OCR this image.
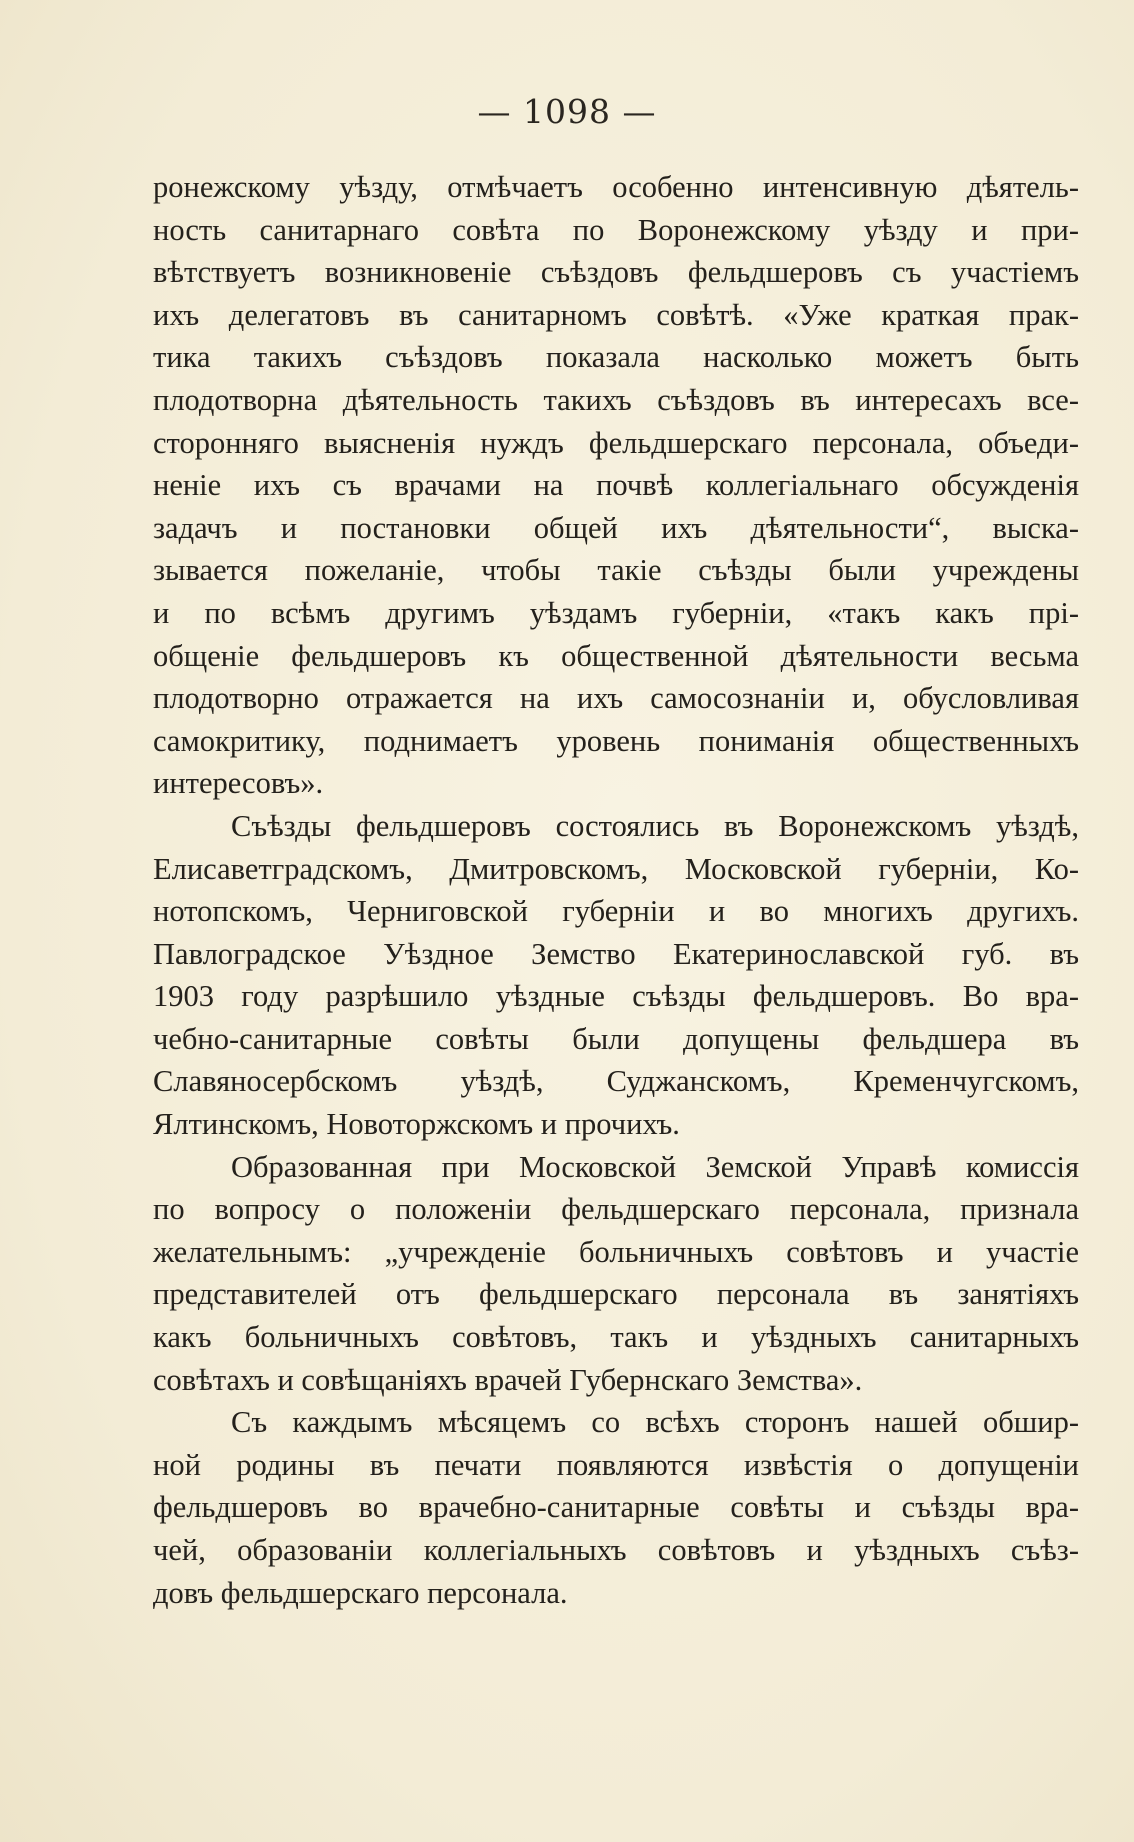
— 1098 —
ронежскому уѣзду, отмѣчаетъ особенно интенсивную дѣятель-
ность санитарнаго совѣта по Воронежскому уѣзду и при-
вѣтствуетъ возникновеніе съѣздовъ фельдшеровъ съ участіемъ
ихъ делегатовъ въ санитарномъ совѣтѣ. «Уже краткая прак-
тика такихъ съѣздовъ показала насколько можетъ быть
плодотворна дѣятельность такихъ съѣздовъ въ интересахъ все-
сторонняго выясненія нуждъ фельдшерскаго персонала, объеди-
неніе ихъ съ врачами на почвѣ коллегіальнаго обсужденія
задачъ и постановки общей ихъ дѣятельности“, выска-
зывается пожеланіе, чтобы такіе съѣзды были учреждены
и по всѣмъ другимъ уѣздамъ губерніи, «такъ какъ прі-
общеніе фельдшеровъ къ общественной дѣятельности весьма
плодотворно отражается на ихъ самосознаніи и, обусловливая
самокритику, поднимаетъ уровень пониманія общественныхъ
интересовъ».
Съѣзды фельдшеровъ состоялись въ Воронежскомъ уѣздѣ,
Елисаветградскомъ, Дмитровскомъ, Московской губерніи, Ко-
нотопскомъ, Черниговской губерніи и во многихъ другихъ.
Павлоградское Уѣздное Земство Екатеринославской губ. въ
1903 году разрѣшило уѣздные съѣзды фельдшеровъ. Во вра-
чебно-санитарные совѣты были допущены фельдшера въ
Славяносербскомъ уѣздѣ, Суджанскомъ, Кременчугскомъ,
Ялтинскомъ, Новоторжскомъ и прочихъ.
Образованная при Московской Земской Управѣ комиссія
по вопросу о положеніи фельдшерскаго персонала, признала
желательнымъ: „учрежденіе больничныхъ совѣтовъ и участіе
представителей отъ фельдшерскаго персонала въ занятіяхъ
какъ больничныхъ совѣтовъ, такъ и уѣздныхъ санитарныхъ
совѣтахъ и совѣщаніяхъ врачей Губернскаго Земства».
Съ каждымъ мѣсяцемъ со всѣхъ сторонъ нашей обшир-
ной родины въ печати появляются извѣстія о допущеніи
фельдшеровъ во врачебно-санитарные совѣты и съѣзды вра-
чей, образованіи коллегіальныхъ совѣтовъ и уѣздныхъ съѣз-
довъ фельдшерскаго персонала.
